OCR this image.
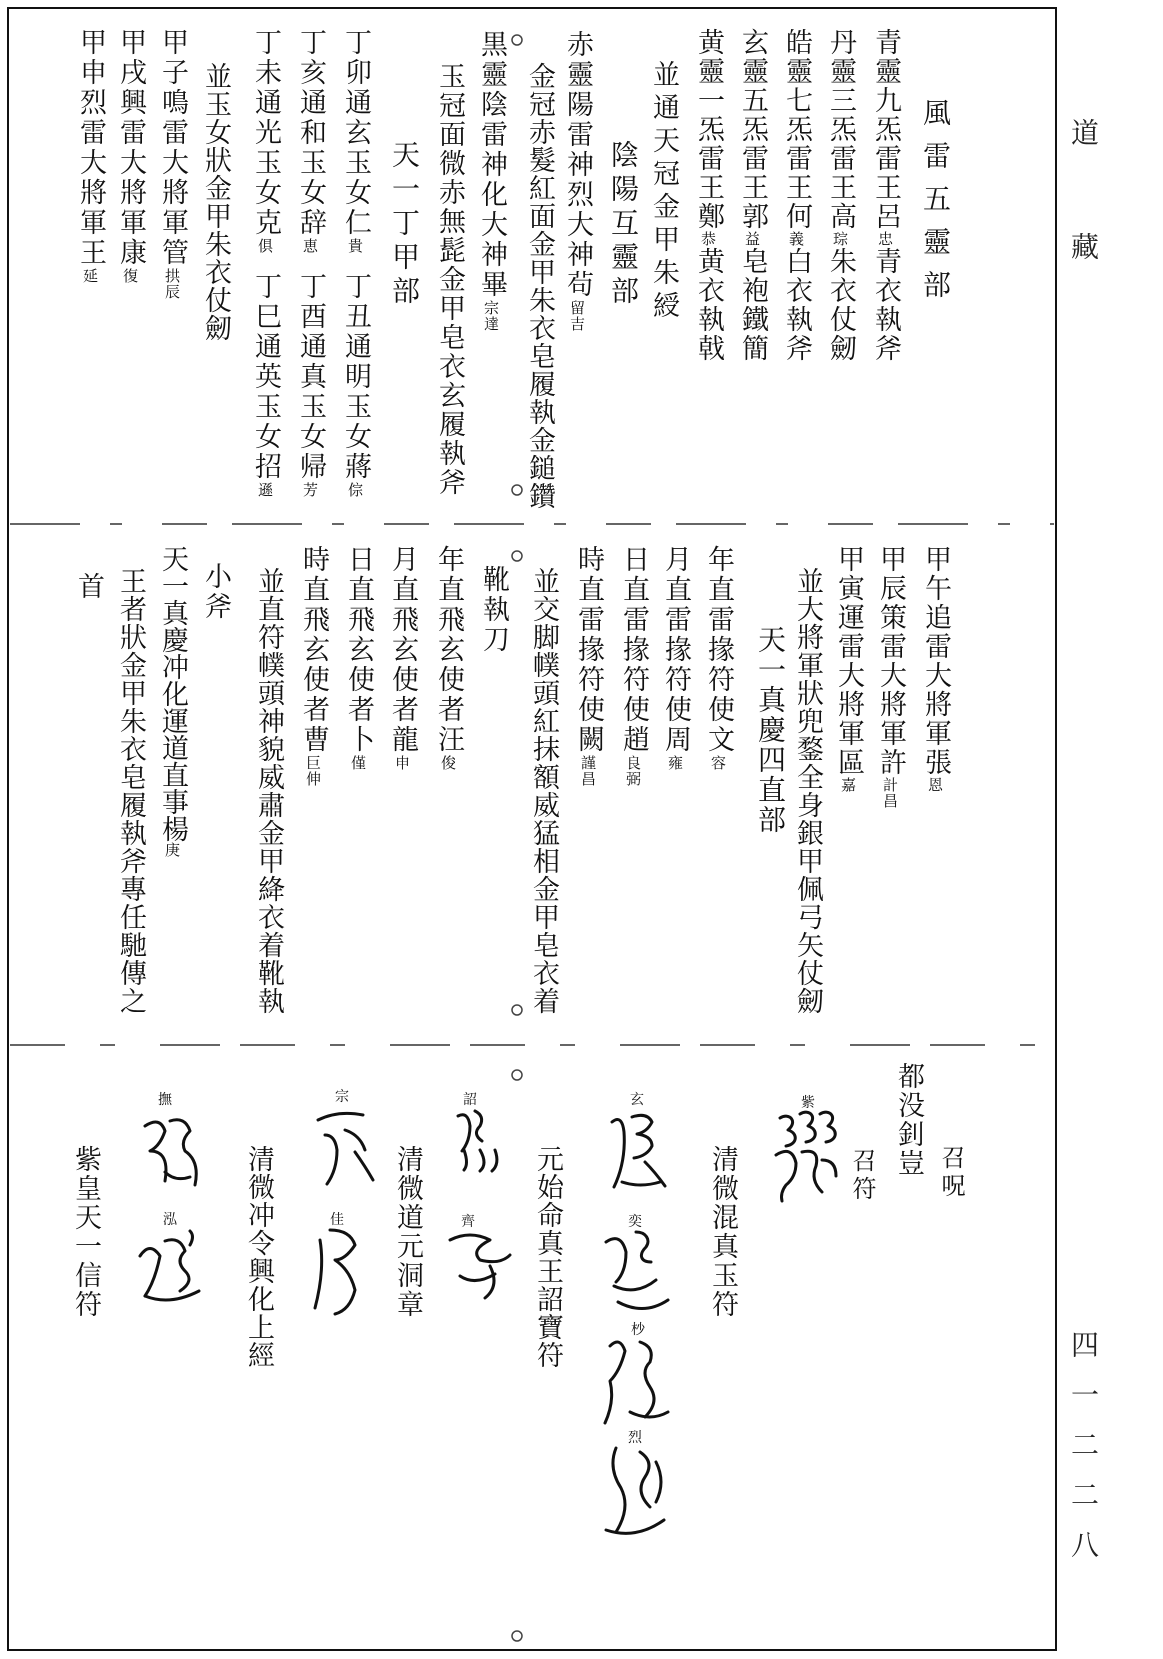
道
藏
四一二二八
風雷五靈部
青靈九炁雷王呂忠青衣執斧
丹靈三炁雷王高琮朱衣仗劒
皓靈七炁雷王何義白衣執斧
玄靈五炁雷王郭益皂袍鐵簡
黄靈一炁雷王鄭恭黄衣執戟
並通天冠金甲朱綬
陰陽互靈部
赤靈陽雷神烈大神茍留吉
金冠赤髮紅面金甲朱衣皂履執金鎚鑽
黒靈陰雷神化大神畢宗達
玉冠面微赤無髭金甲皂衣玄履執斧
天一丁甲部
丁卯通玄玉女仁貴
丁丑通明玉女蔣倧
丁亥通和玉女辞恵
丁酉通真玉女帰芳
丁未通光玉女克俱
丁巳通英玉女招遜
並玉女狀金甲朱衣仗劒
甲子鳴雷大將軍管拱辰
甲戌興雷大將軍康復
甲申烈雷大將軍王延
甲午追雷大將軍張恩
甲辰策雷大將軍許計昌
甲寅運雷大將軍區嘉
並大將軍狀兜鍪全身銀甲佩弓矢仗劒
天一真慶四直部
年直雷掾符使文容
月直雷掾符使周雍
日直雷掾符使趙良弼
時直雷掾符使闕謹昌
並交脚幞頭紅抹額威猛相金甲皂衣着
靴執刀
年直飛玄使者汪俊
月直飛玄使者龍申
日直飛玄使者卜僅
時直飛玄使者曹巨伸
並直符幞頭神貌威肅金甲絳衣着靴執
小斧
天一真慶冲化運道直事楊庚
王者狀金甲朱衣皂履執斧專任馳傳之
首
召呪
都没釗豈
召符
紫
清微混真玉符
玄
奕
杪
烈
元始命真王詔寶符
詔
齊
清微道元洞章
宗
佳
清微冲令興化上經
撫
泓
紫皇天一信符
